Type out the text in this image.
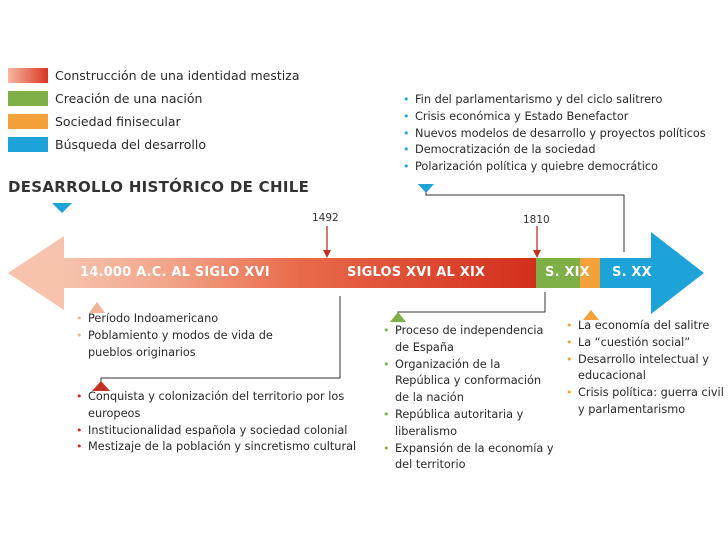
Construcción de una identidad mestiza
Creación de una nación
Sociedad finisecular
Búsqueda del desarrollo
DESARROLLO HISTÓRICO DE CHILE
1492	1810
14.000 A.C. AL SIGLO XVI	SIGLOS XVI AL XIX	S. XIX S. XX
• Fin del parlamentarismo y del ciclo salitrero
• Crisis económica y Estado Benefactor
• Nuevos modelos de desarrollo y proyectos políticos
• Democratización de la sociedad
• Polarización política y quiebre democrático
• Período Indoamericano
• Poblamiento y modos de vida de pueblos originarios
• Conquista y colonización del territorio por los europeos
• Institucionalidad española y sociedad colonial
• Mestizaje de la población y sincretismo cultural
• Proceso de independencia de España
• Organización de la República y conformación de la nación
• República autoritaria y liberalismo
• Expansión de la economía y del territorio
• La economía del salitre
• La “cuestión social”
• Desarrollo intelectual y educacional
• Crisis política: guerra civil y parlamentarismo
